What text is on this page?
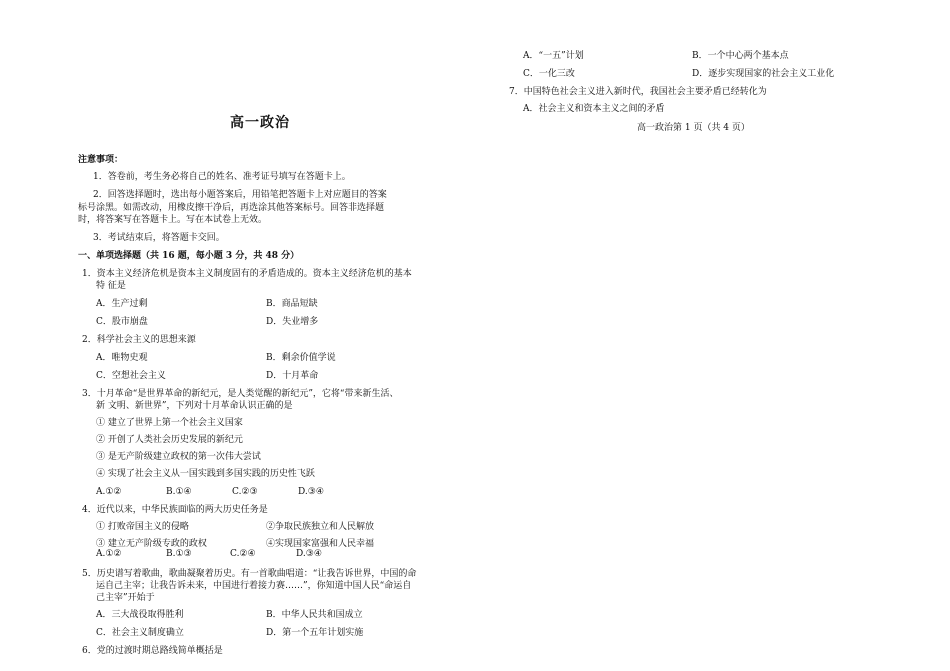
高一政治
注意事项：
1．答卷前，考生务必将自己的姓名、准考证号填写在答题卡上。
2．回答选择题时，选出每小题答案后，用铅笔把答题卡上对应题目的答案
标号涂黑。如需改动，用橡皮擦干净后，再选涂其他答案标号。回答非选择题
时，将答案写在答题卡上。写在本试卷上无效。
3．考试结束后，将答题卡交回。
一、单项选择题（共 16 题，每小题 3 分，共 48 分）
1．资本主义经济危机是资本主义制度固有的矛盾造成的。资本主义经济危机的基本
特 征是
A．生产过剩	B．商品短缺
C．股市崩盘	D．失业增多
2．科学社会主义的思想来源
A．唯物史观	B．剩余价值学说
C．空想社会主义	D．十月革命
3．十月革命“是世界革命的新纪元，是人类觉醒的新纪元”，它将“带来新生活、
新 文明、新世界”，下列对十月革命认识正确的是
① 建立了世界上第一个社会主义国家
② 开创了人类社会历史发展的新纪元
③ 是无产阶级建立政权的第一次伟大尝试
④ 实现了社会主义从一国实践到多国实践的历史性飞跃
A.①②	B.①④	C.②③	D.③④
4．近代以来，中华民族面临的两大历史任务是
① 打败帝国主义的侵略	②争取民族独立和人民解放
③ 建立无产阶级专政的政权	④实现国家富强和人民幸福
A.①②	B.①③	C.②④	D.③④
5．历史谱写着歌曲，歌曲凝聚着历史。有一首歌曲唱道：“让我告诉世界，中国的命
运自己主宰；让我告诉未来，中国进行着接力赛……”，你知道中国人民“命运自
己主宰”开始于
A．三大战役取得胜利	B．中华人民共和国成立
C．社会主义制度确立	D．第一个五年计划实施
6．党的过渡时期总路线简单概括是
A．“一五”计划	B．一个中心两个基本点
C．一化三改	D．逐步实现国家的社会主义工业化
7．中国特色社会主义进入新时代，我国社会主要矛盾已经转化为
A．社会主义和资本主义之间的矛盾
高一政治第 1 页（共 4 页）
